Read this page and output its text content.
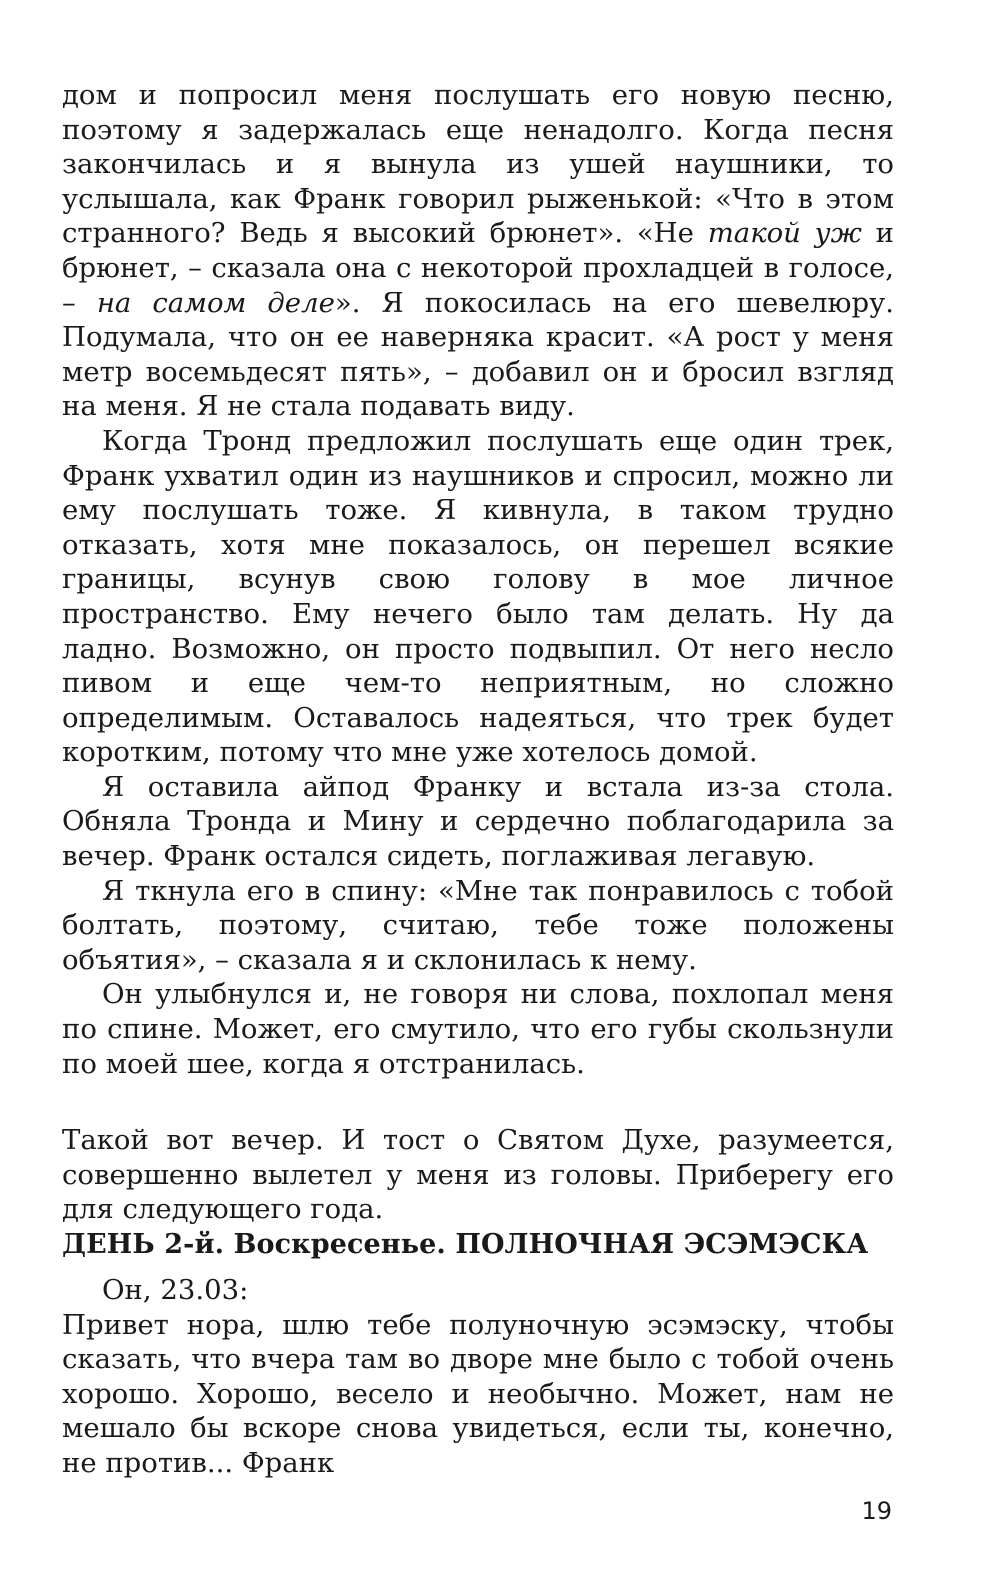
дом и попросил меня послушать его новую песню, поэтому я задержалась еще ненадолго. Когда песня закончилась и я вынула из ушей наушники, то услышала, как Франк говорил рыженькой: «Что в этом странного? Ведь я высокий брюнет». «Не такой уж и брюнет, – сказала она с некоторой прохладцей в голосе, – на самом деле». Я покосилась на его шевелюру. Подумала, что он ее наверняка красит. «А рост у меня метр восемьдесят пять», – добавил он и бросил взгляд на меня. Я не стала подавать виду.

Когда Тронд предложил послушать еще один трек, Франк ухватил один из наушников и спросил, можно ли ему послушать тоже. Я кивнула, в таком трудно отказать, хотя мне показалось, он перешел всякие границы, всунув свою голову в мое личное пространство. Ему нечего было там делать. Ну да ладно. Возможно, он просто подвыпил. От него несло пивом и еще чем-то неприятным, но сложно определимым. Оставалось надеяться, что трек будет коротким, потому что мне уже хотелось домой.

Я оставила айпод Франку и встала из-за стола. Обняла Тронда и Мину и сердечно поблагодарила за вечер. Франк остался сидеть, поглаживая легавую.

Я ткнула его в спину: «Мне так понравилось с тобой болтать, поэтому, считаю, тебе тоже положены объятия», – сказала я и склонилась к нему.

Он улыбнулся и, не говоря ни слова, похлопал меня по спине. Может, его смутило, что его губы скользнули по моей шее, когда я отстранилась.

Такой вот вечер. И тост о Святом Духе, разумеется, совершенно вылетел у меня из головы. Приберегу его для следующего года.

ДЕНЬ 2-й. Воскресенье. ПОЛНОЧНАЯ ЭСЭМЭСКА

Он, 23.03:

Привет нора, шлю тебе полуночную эсэмэску, чтобы сказать, что вчера там во дворе мне было с тобой очень хорошо. Хорошо, весело и необычно. Может, нам не мешало бы вскоре снова увидеться, если ты, конечно, не против... Франк

19
